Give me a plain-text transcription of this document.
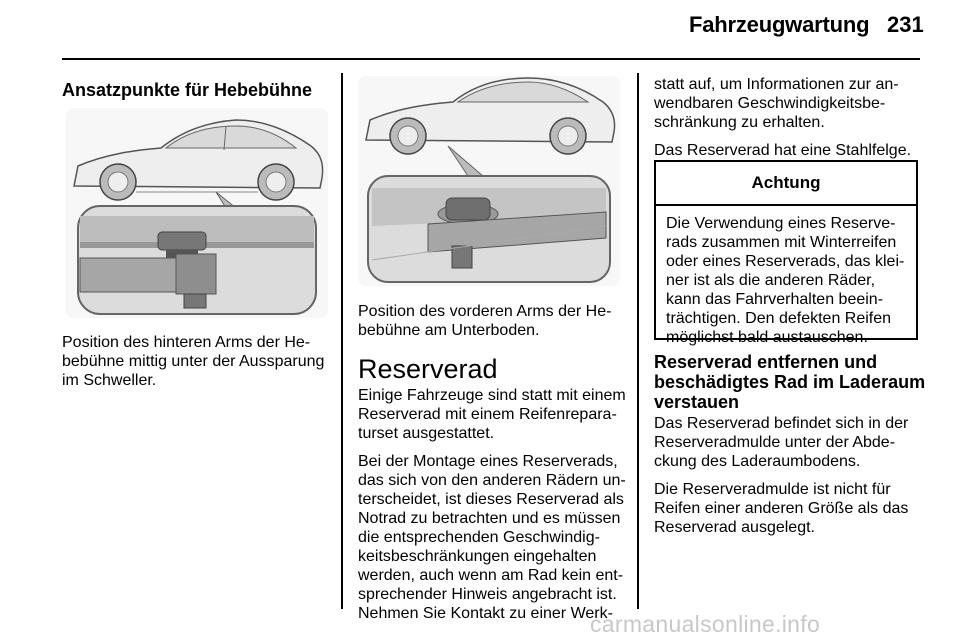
Fahrzeugwartung 231
Ansatzpunkte für Hebebühne

Position des hinteren Arms der He-
bebühne mittig unter der Aussparung
im Schweller.

Position des vorderen Arms der He-
bebühne am Unterboden.

Reserverad

Einige Fahrzeuge sind statt mit einem
Reserverad mit einem Reifenrepara-
turset ausgestattet.

Bei der Montage eines Reserverads,
das sich von den anderen Rädern un-
terscheidet, ist dieses Reserverad als
Notrad zu betrachten und es müssen
die entsprechenden Geschwindig-
keitsbeschränkungen eingehalten
werden, auch wenn am Rad kein ent-
sprechender Hinweis angebracht ist.
Nehmen Sie Kontakt zu einer Werk-

statt auf, um Informationen zur an-
wendbaren Geschwindigkeitsbe-
schränkung zu erhalten.

Das Reserverad hat eine Stahlfelge.

Achtung
Die Verwendung eines Reserve-
rads zusammen mit Winterreifen
oder eines Reserverads, das klei-
ner ist als die anderen Räder,
kann das Fahrverhalten beein-
trächtigen. Den defekten Reifen
möglichst bald austauschen.
Reserverad entfernen und
beschädigtes Rad im Laderaum
verstauen

Das Reserverad befindet sich in der
Reserveradmulde unter der Abde-
ckung des Laderaumbodens.

Die Reserveradmulde ist nicht für
Reifen einer anderen Größe als das
Reserverad ausgelegt.

carmanualsonline.info
